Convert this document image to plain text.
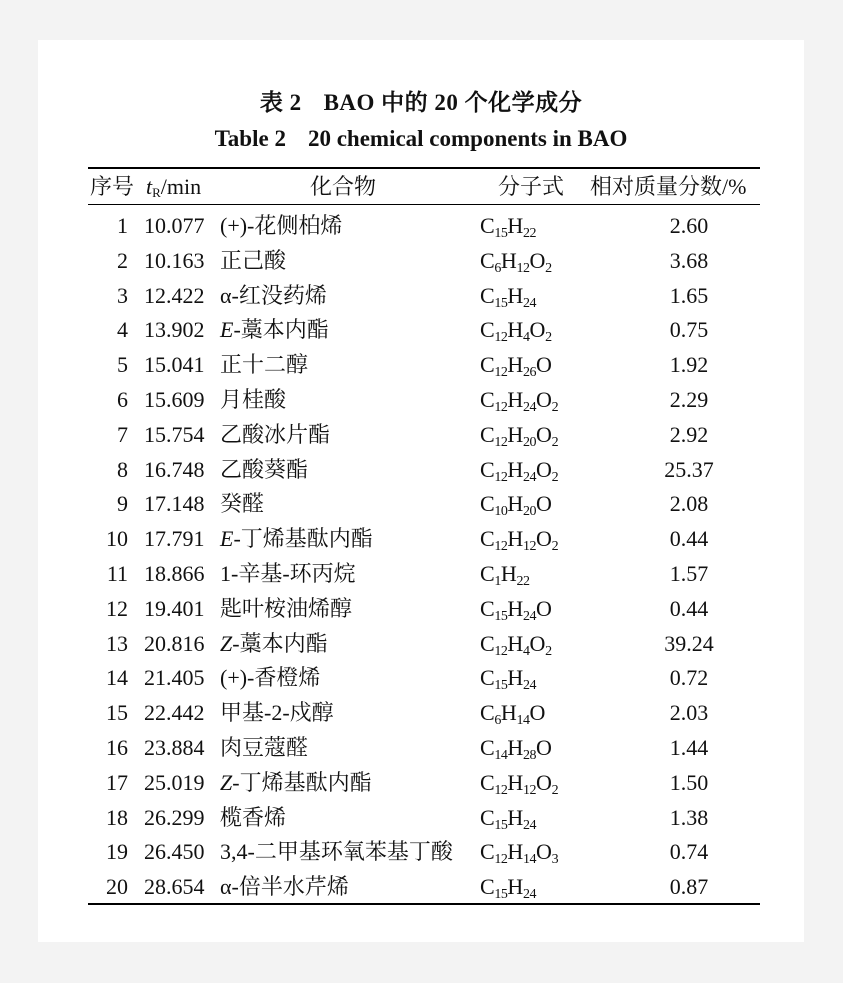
表 2 BAO 中的 20 个化学成分
Table 2 20 chemical components in BAO
序号 $t_R/\min$	化合物	分子式 相对质量分数/%
1 10.077 (+)-花侧柏烯	$C_{15}H_{22}$	2.60
2 10.163 正己酸	$C_6H_{12}O_2$	3.68
3 12.422 α-红没药烯	$C_{15}H_{24}$	1.65
4 13.902 E-藁本内酯	$C_{12}H_4O_2$	0.75
5 15.041 正十二醇	$C_{12}H_{26}O$	1.92
6 15.609 月桂酸	$C_{12}H_{24}O_2$	2.29
7 15.754 乙酸冰片酯	$C_{12}H_{20}O_2$	2.92
8 16.748 乙酸葵酯	$C_{12}H_{24}O_2$	25.37
9 17.148 癸醛	$C_{10}H_{20}O$	2.08
10 17.791 E-丁烯基酞内酯	$C_{12}H_{12}O_2$	0.44
11 18.866 1-辛基-环丙烷	$C_1H_{22}$	1.57
12 19.401 匙叶桉油烯醇	$C_{15}H_{24}O$	0.44
13 20.816 Z-藁本内酯	$C_{12}H_4O_2$	39.24
14 21.405 (+)-香橙烯	$C_{15}H_{24}$	0.72
15 22.442 甲基-2-戍醇	$C_6H_{14}O$	2.03
16 23.884 肉豆蔻醛	$C_{14}H_{28}O$	1.44
17 25.019 Z-丁烯基酞内酯	$C_{12}H_{12}O_2$	1.50
18 26.299 榄香烯	$C_{15}H_{24}$	1.38
19 26.450 3,4-二甲基环氧苯基丁酸 $C_{12}H_{14}O_3$	0.74
20 28.654 α-倍半水芹烯	$C_{15}H_{24}$	0.87
